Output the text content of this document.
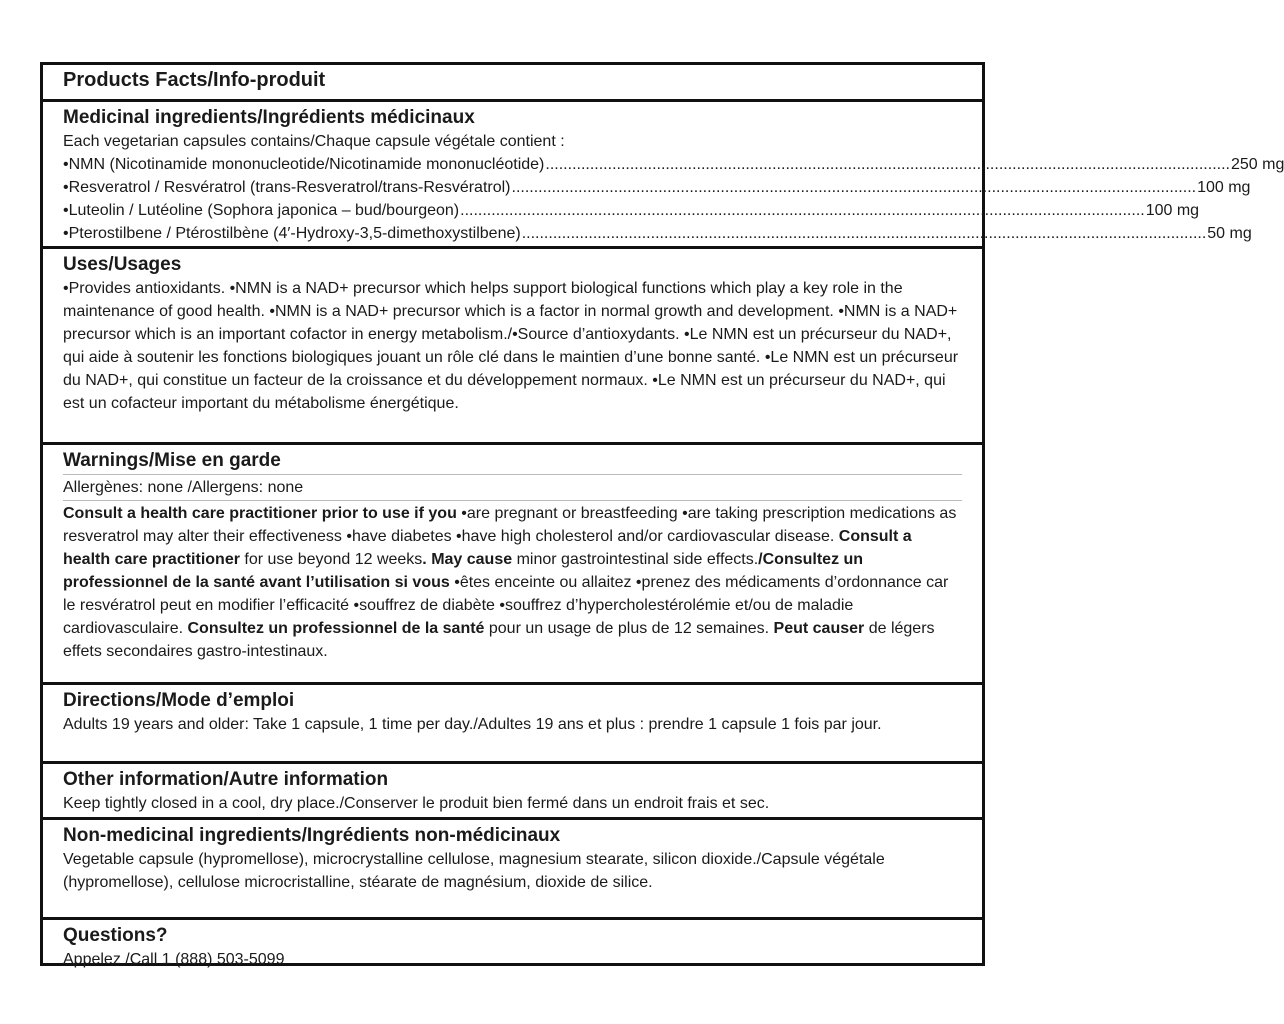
Products Facts/Info-produit
Medicinal ingredients/Ingrédients médicinaux
Each vegetarian capsules contains/Chaque capsule végétale contient :
•NMN (Nicotinamide mononucleotide/Nicotinamide mononucléotide) .......................................................................................................................................................... 250 mg
•Resveratrol / Resvératrol (trans-Resveratrol/trans-Resvératrol) .......................................................................................................................................................... 100 mg
•Luteolin / Lutéoline (Sophora japonica – bud/bourgeon) .......................................................................................................................................................... 100 mg
•Pterostilbene / Ptérostilbène (4′-Hydroxy-3,5-dimethoxystilbene) .......................................................................................................................................................... 50 mg
Uses/Usages
•Provides antioxidants. •NMN is a NAD+ precursor which helps support biological functions which play a key role in the maintenance of good health. •NMN is a NAD+ precursor which is a factor in normal growth and development. •NMN is a NAD+ precursor which is an important cofactor in energy metabolism./•Source d’antioxydants. •Le NMN est un précurseur du NAD+, qui aide à soutenir les fonctions biologiques jouant un rôle clé dans le maintien d’une bonne santé. •Le NMN est un précurseur du NAD+, qui constitue un facteur de la croissance et du développement normaux. •Le NMN est un précurseur du NAD+, qui est un cofacteur important du métabolisme énergétique.
Warnings/Mise en garde
Allergènes: none /Allergens: none
Consult a health care practitioner prior to use if you •are pregnant or breastfeeding •are taking prescription medications as resveratrol may alter their effectiveness •have diabetes •have high cholesterol and/or cardiovascular disease. Consult a health care practitioner for use beyond 12 weeks. May cause minor gastrointestinal side effects./Consultez un professionnel de la santé avant l’utilisation si vous •êtes enceinte ou allaitez •prenez des médicaments d’ordonnance car le resvératrol peut en modifier l’efficacité •souffrez de diabète •souffrez d’hypercholestérolémie et/ou de maladie cardiovasculaire. Consultez un professionnel de la santé pour un usage de plus de 12 semaines. Peut causer de légers effets secondaires gastro-intestinaux.
Directions/Mode d’emploi
Adults 19 years and older: Take 1 capsule, 1 time per day./Adultes 19 ans et plus : prendre 1 capsule 1 fois par jour.
Other information/Autre information
Keep tightly closed in a cool, dry place./Conserver le produit bien fermé dans un endroit frais et sec.
Non-medicinal ingredients/Ingrédients non-médicinaux
Vegetable capsule (hypromellose), microcrystalline cellulose, magnesium stearate, silicon dioxide./Capsule végétale (hypromellose), cellulose microcristalline, stéarate de magnésium, dioxide de silice.
Questions?
Appelez /Call 1 (888) 503-5099
